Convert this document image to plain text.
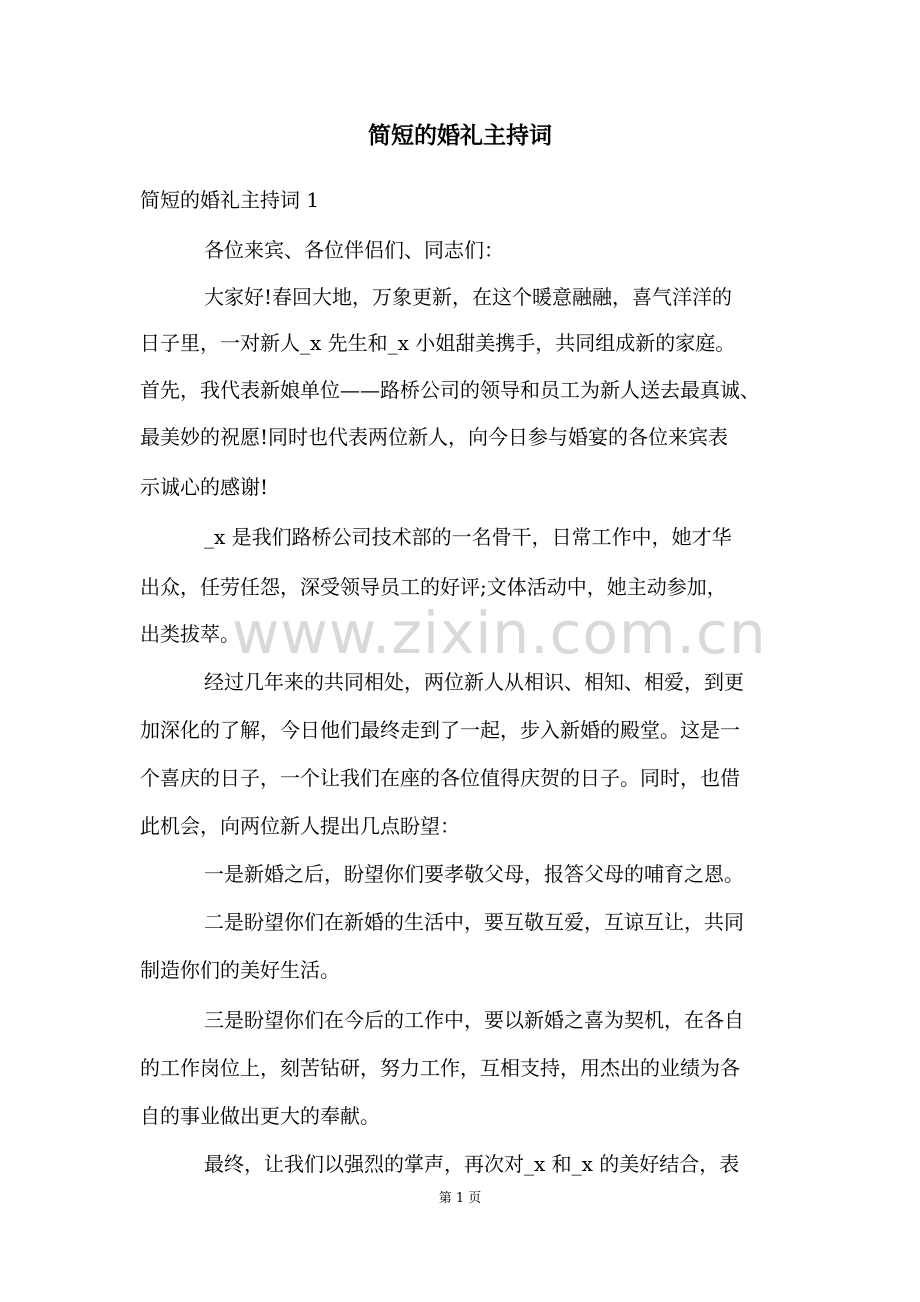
简短的婚礼主持词
简短的婚礼主持词 1
各位来宾、各位伴侣们、同志们：
大家好!春回大地，万象更新，在这个暖意融融，喜气洋洋的
日子里，一对新人_x 先生和_x 小姐甜美携手，共同组成新的家庭。
首先，我代表新娘单位——路桥公司的领导和员工为新人送去最真诚、
最美妙的祝愿!同时也代表两位新人，向今日参与婚宴的各位来宾表
示诚心的感谢!
_x 是我们路桥公司技术部的一名骨干，日常工作中，她才华
出众，任劳任怨，深受领导员工的好评;文体活动中，她主动参加，
出类拔萃。
经过几年来的共同相处，两位新人从相识、相知、相爱，到更
加深化的了解，今日他们最终走到了一起，步入新婚的殿堂。这是一
个喜庆的日子，一个让我们在座的各位值得庆贺的日子。同时，也借
此机会，向两位新人提出几点盼望：
一是新婚之后，盼望你们要孝敬父母，报答父母的哺育之恩。
二是盼望你们在新婚的生活中，要互敬互爱，互谅互让，共同
制造你们的美好生活。
三是盼望你们在今后的工作中，要以新婚之喜为契机，在各自
的工作岗位上，刻苦钻研，努力工作，互相支持，用杰出的业绩为各
自的事业做出更大的奉献。
最终，让我们以强烈的掌声，再次对_x 和_x 的美好结合，表
www.zixin.com.cn
第 1 页
